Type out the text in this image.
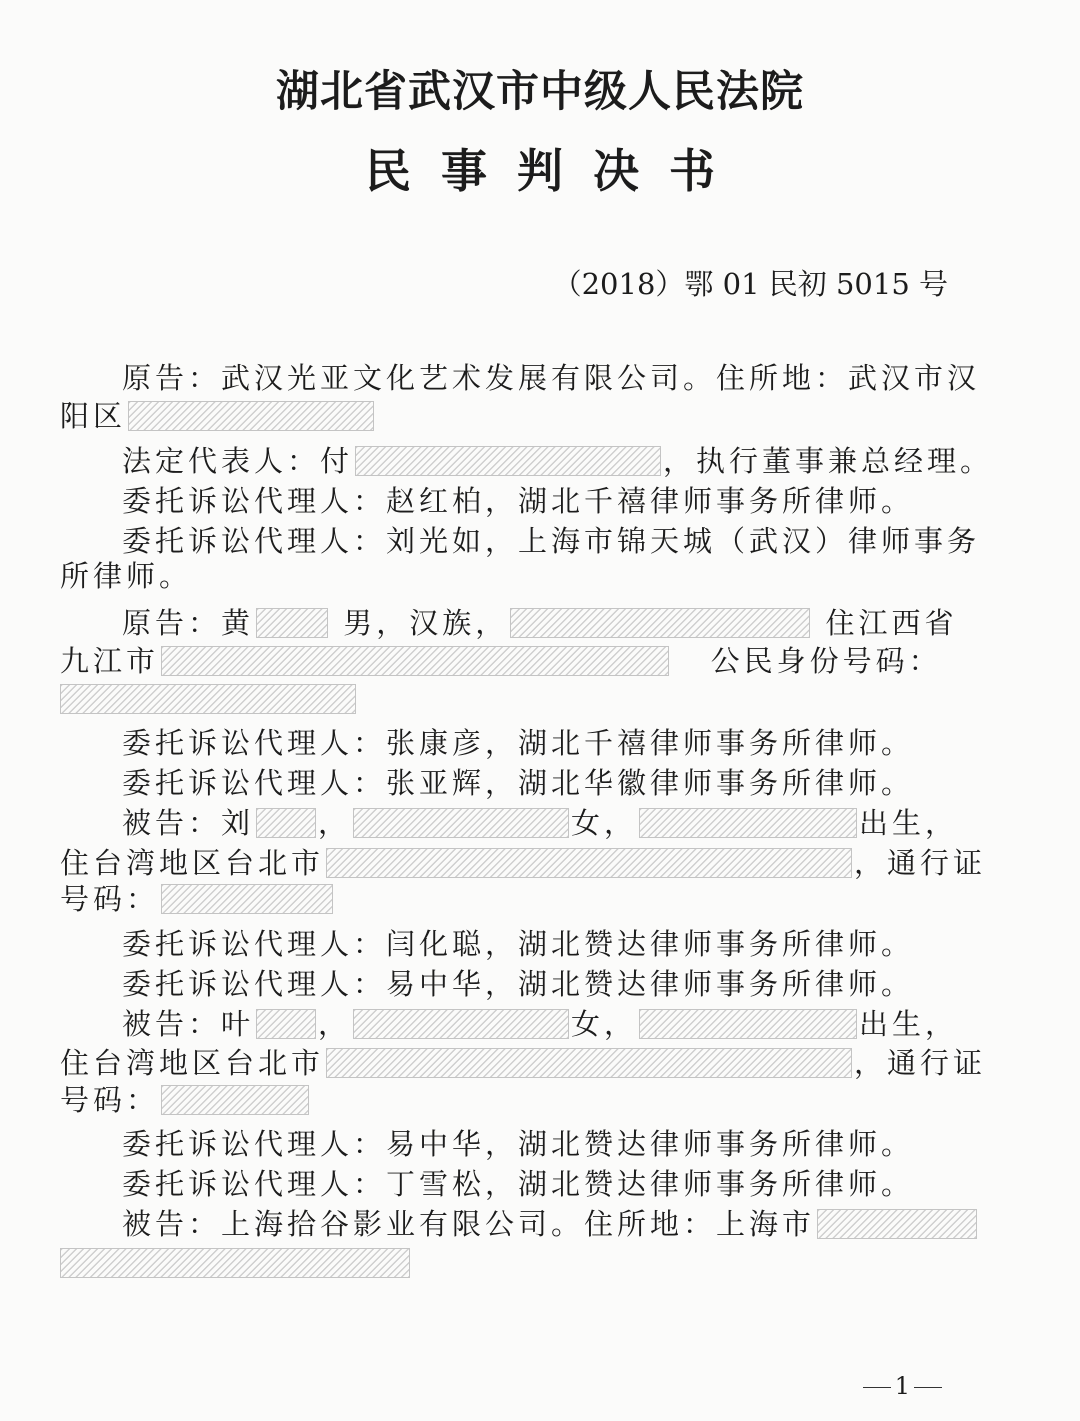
湖北省武汉市中级人民法院
民事判决书
（2018）鄂 01 民初 5015 号
原告：武汉光亚文化艺术发展有限公司。住所地：武汉市汉
阳区
法定代表人：付	，执行董事兼总经理。
委托诉讼代理人：赵红柏，湖北千禧律师事务所律师。
委托诉讼代理人：刘光如，上海市锦天城（武汉）律师事务
所律师。
原告：黄	男，汉族，	住江西省
九江市	公民身份号码：
委托诉讼代理人：张康彦，湖北千禧律师事务所律师。
委托诉讼代理人：张亚辉，湖北华徽律师事务所律师。
被告：刘 ，	女，	出生，
住台湾地区台北市	，通行证
号码：
委托诉讼代理人：闫化聪，湖北赞达律师事务所律师。
委托诉讼代理人：易中华，湖北赞达律师事务所律师。
被告：叶 ，	女，	出生，
住台湾地区台北市	，通行证
号码：
委托诉讼代理人：易中华，湖北赞达律师事务所律师。
委托诉讼代理人：丁雪松，湖北赞达律师事务所律师。
被告：上海拾谷影业有限公司。住所地：上海市
1
